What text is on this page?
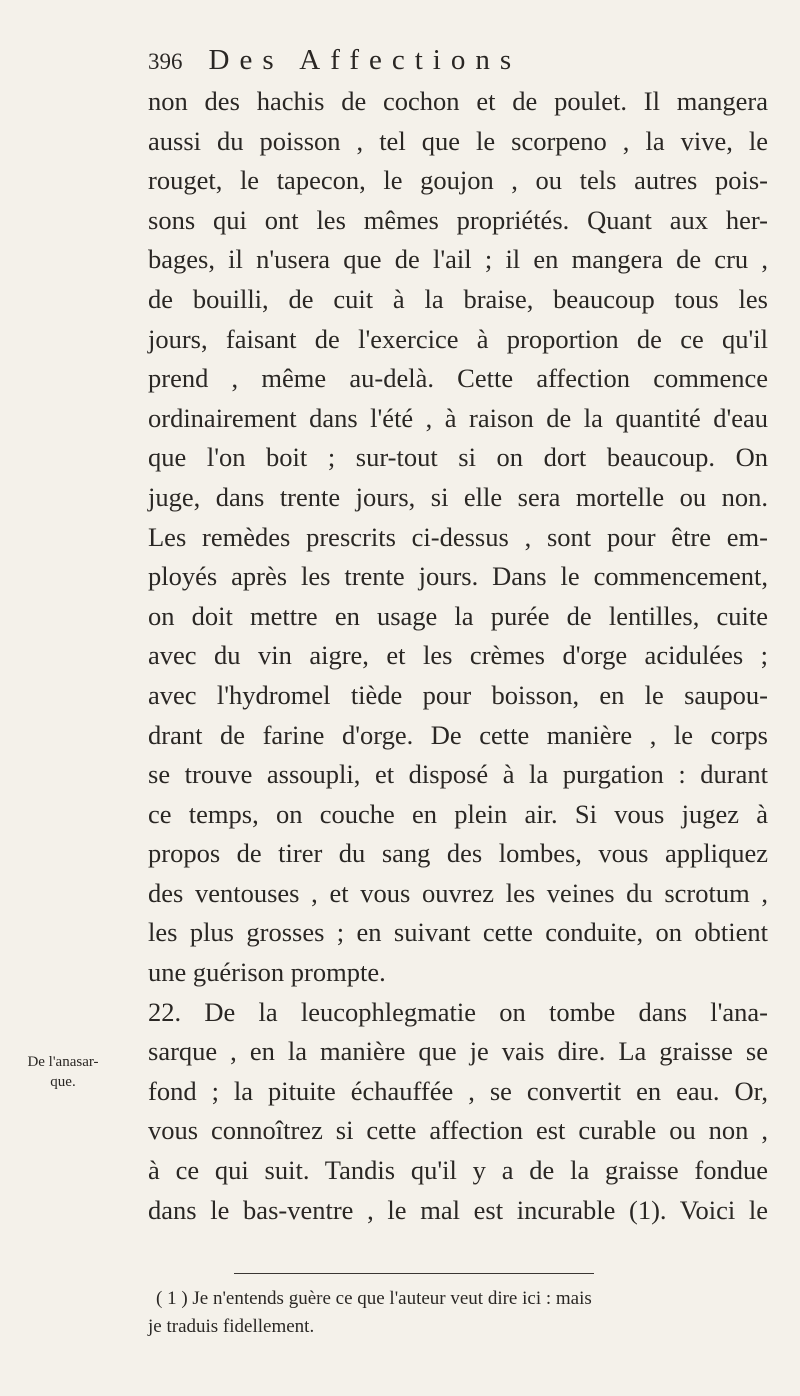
396 Des Affections
De l'anasar-
que.
non des hachis de cochon et de poulet. Il mangera
aussi du poisson , tel que le scorpeno , la vive, le
rouget, le tapecon, le goujon , ou tels autres pois-
sons qui ont les mêmes propriétés. Quant aux her-
bages, il n'usera que de l'ail ; il en mangera de cru ,
de bouilli, de cuit à la braise, beaucoup tous les
jours, faisant de l'exercice à proportion de ce qu'il
prend , même au-delà. Cette affection commence
ordinairement dans l'été , à raison de la quantité d'eau
que l'on boit ; sur-tout si on dort beaucoup. On
juge, dans trente jours, si elle sera mortelle ou non.
Les remèdes prescrits ci-dessus , sont pour être em-
ployés après les trente jours. Dans le commencement,
on doit mettre en usage la purée de lentilles, cuite
avec du vin aigre, et les crèmes d'orge acidulées ;
avec l'hydromel tiède pour boisson, en le saupou-
drant de farine d'orge. De cette manière , le corps
se trouve assoupli, et disposé à la purgation : durant
ce temps, on couche en plein air. Si vous jugez à
propos de tirer du sang des lombes, vous appliquez
des ventouses , et vous ouvrez les veines du scrotum ,
les plus grosses ; en suivant cette conduite, on obtient
une guérison prompte.
22. De la leucophlegmatie on tombe dans l'ana-
sarque , en la manière que je vais dire. La graisse se
fond ; la pituite échauffée , se convertit en eau. Or,
vous connoîtrez si cette affection est curable ou non ,
à ce qui suit. Tandis qu'il y a de la graisse fondue
dans le bas-ventre , le mal est incurable (1). Voici le
( 1 ) Je n'entends guère ce que l'auteur veut dire ici : mais
je traduis fidellement.
